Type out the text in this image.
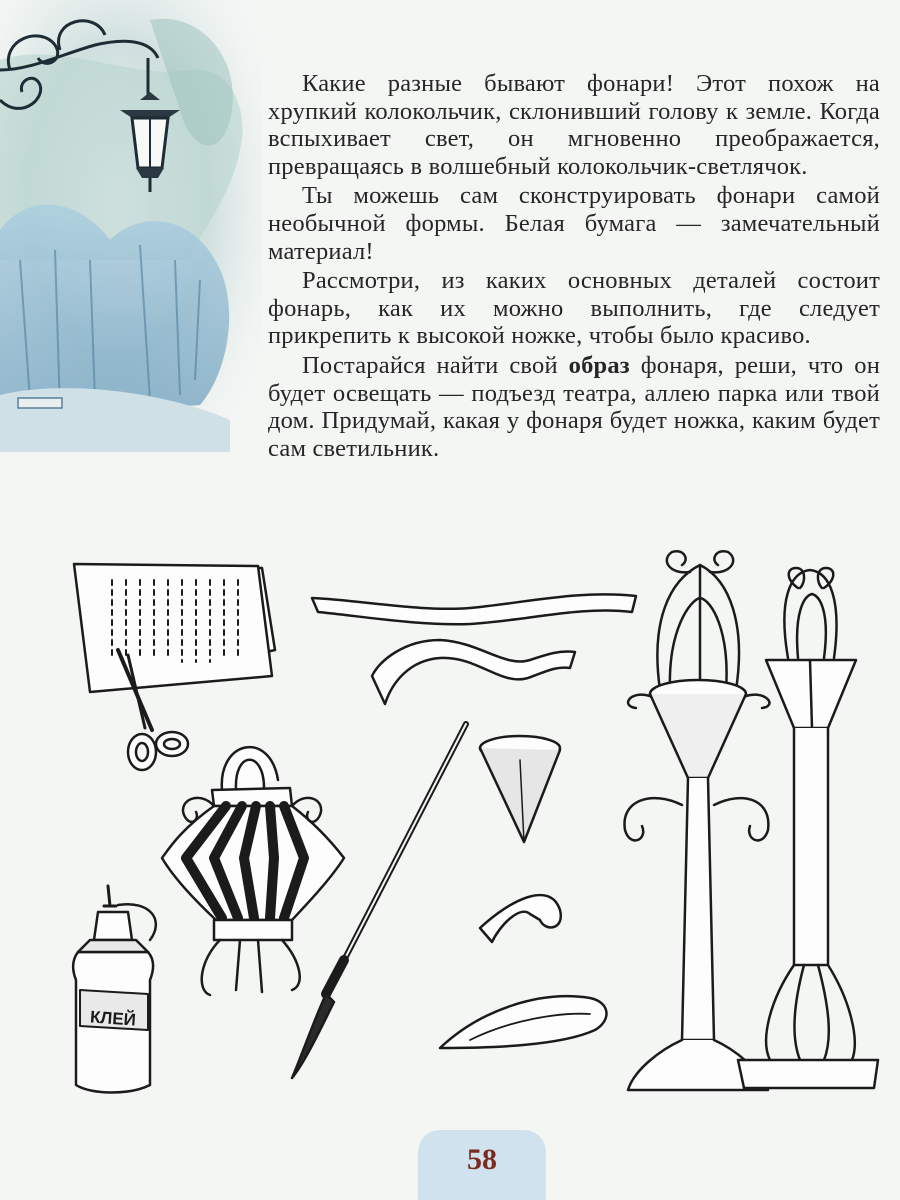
Какие разные бывают фонари! Этот похож на хрупкий колокольчик, склонивший голову к земле. Когда вспыхивает свет, он мгновенно преображается, превращаясь в волшебный колокольчик-светлячок.

Ты можешь сам сконструировать фонари самой необычной формы. Белая бумага — замечательный материал!

Рассмотри, из каких основных деталей состоит фонарь, как их можно выполнить, где следует прикрепить к высокой ножке, чтобы было красиво.

Постарайся найти свой образ фонаря, реши, что он будет освещать — подъезд театра, аллею парка или твой дом. Придумай, какая у фонаря будет ножка, каким будет сам светильник.

КЛЕЙ
58
